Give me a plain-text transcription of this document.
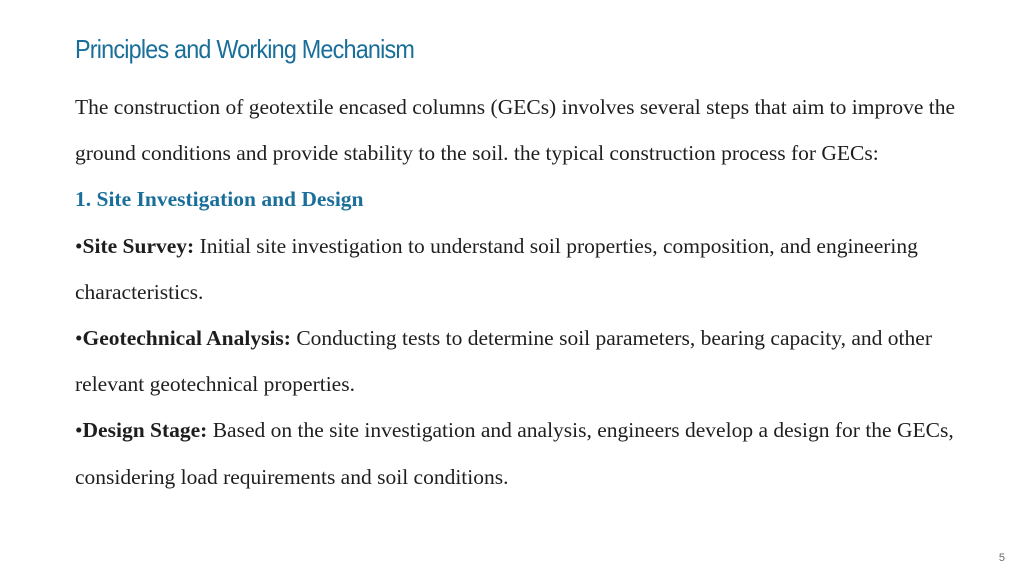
Principles and Working Mechanism

The construction of geotextile encased columns (GECs) involves several steps that aim to improve the ground conditions and provide stability to the soil. the typical construction process for GECs:

1. Site Investigation and Design

•Site Survey: Initial site investigation to understand soil properties, composition, and engineering characteristics.

•Geotechnical Analysis: Conducting tests to determine soil parameters, bearing capacity, and other relevant geotechnical properties.

•Design Stage: Based on the site investigation and analysis, engineers develop a design for the GECs, considering load requirements and soil conditions.

5
